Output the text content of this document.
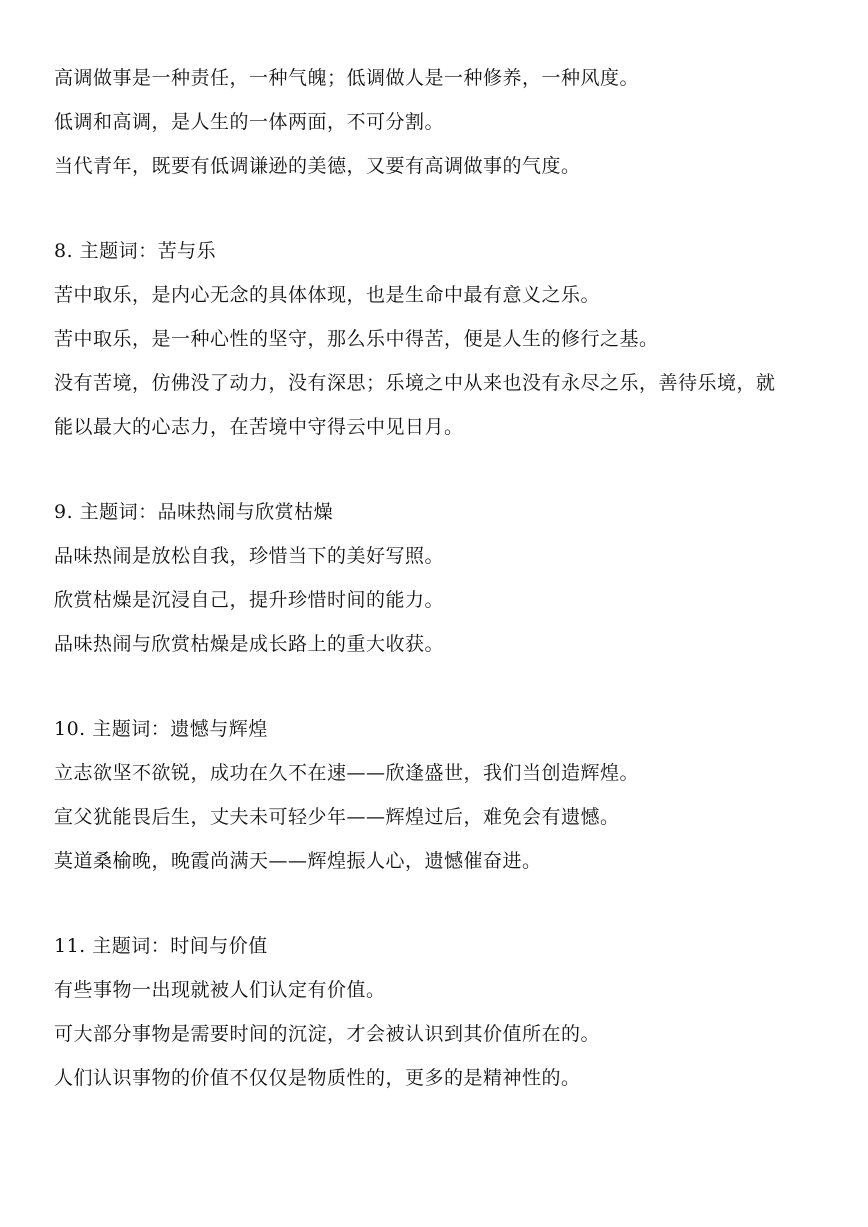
高调做事是一种责任，一种气魄；低调做人是一种修养，一种风度。
低调和高调，是人生的一体两面，不可分割。
当代青年，既要有低调谦逊的美德，又要有高调做事的气度。
8. 主题词：苦与乐
苦中取乐，是内心无念的具体体现，也是生命中最有意义之乐。
苦中取乐，是一种心性的坚守，那么乐中得苦，便是人生的修行之基。
没有苦境，仿佛没了动力，没有深思；乐境之中从来也没有永尽之乐，善待乐境，就
能以最大的心志力，在苦境中守得云中见日月。
9. 主题词：品味热闹与欣赏枯燥
品味热闹是放松自我，珍惜当下的美好写照。
欣赏枯燥是沉浸自己，提升珍惜时间的能力。
品味热闹与欣赏枯燥是成长路上的重大收获。
10. 主题词：遗憾与辉煌
立志欲坚不欲锐，成功在久不在速——欣逢盛世，我们当创造辉煌。
宣父犹能畏后生，丈夫未可轻少年——辉煌过后，难免会有遗憾。
莫道桑榆晚，晚霞尚满天——辉煌振人心，遗憾催奋进。
11. 主题词：时间与价值
有些事物一出现就被人们认定有价值。
可大部分事物是需要时间的沉淀，才会被认识到其价值所在的。
人们认识事物的价值不仅仅是物质性的，更多的是精神性的。
